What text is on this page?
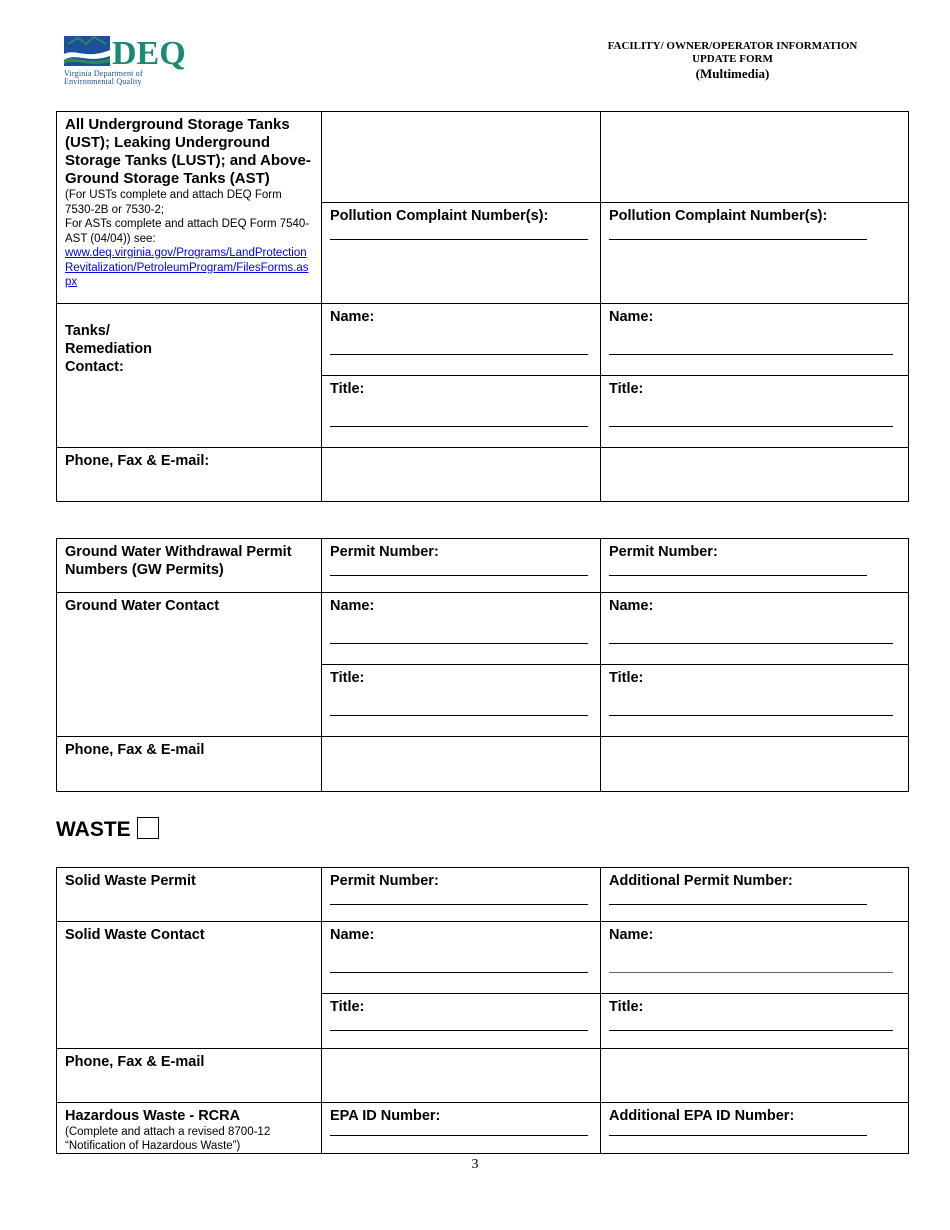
DEQ
Virginia Department of
Environmental Quality
FACILITY/ OWNER/OPERATOR INFORMATION
UPDATE FORM
(Multimedia)
All Underground Storage Tanks (UST); Leaking Underground Storage Tanks (LUST); and Above-Ground Storage Tanks (AST)
(For USTs complete and attach DEQ Form 7530-2B or 7530-2;
For ASTs complete and attach DEQ Form 7540-AST (04/04)) see:
www.deq.virginia.gov/Programs/LandProtectionRevitalization/PetroleumProgram/FilesForms.aspx		

	Pollution Complaint Number(s):	Pollution Complaint Number(s):

Tanks/ Remediation Contact:	Name:	Name:

	Title:	Title:

Phone, Fax & E-mail:		

Ground Water Withdrawal Permit Numbers (GW Permits)	Permit Number:	Permit Number:

Ground Water Contact	Name:	Name:

	Title:	Title:

Phone, Fax & E-mail		

WASTE
Solid Waste Permit	Permit Number:	Additional Permit Number:

Solid Waste Contact	Name:	Name:

	Title:	Title:

Phone, Fax & E-mail		

Hazardous Waste - RCRA
(Complete and attach a revised 8700-12 “Notification of Hazardous Waste”)	EPA ID Number:	Additional EPA ID Number:
3
